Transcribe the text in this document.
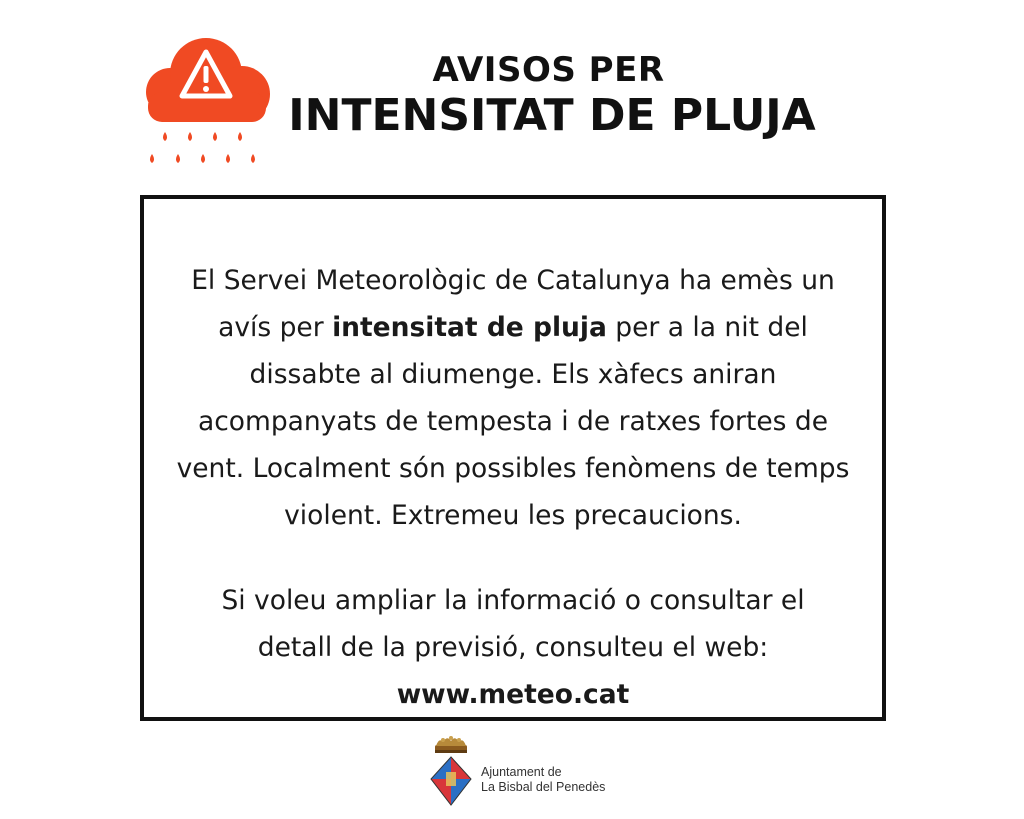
AVISOS PER
INTENSITAT DE PLUJA
El Servei Meteorològic de Catalunya ha emès un avís per intensitat de pluja per a la nit del dissabte al diumenge. Els xàfecs aniran acompanyats de tempesta i de ratxes fortes de vent. Localment són possibles fenòmens de temps violent. Extremeu les precaucions.
Si voleu ampliar la informació o consultar el detall de la previsió, consulteu el web:
www.meteo.cat
Ajuntament de
La Bisbal del Penedès
